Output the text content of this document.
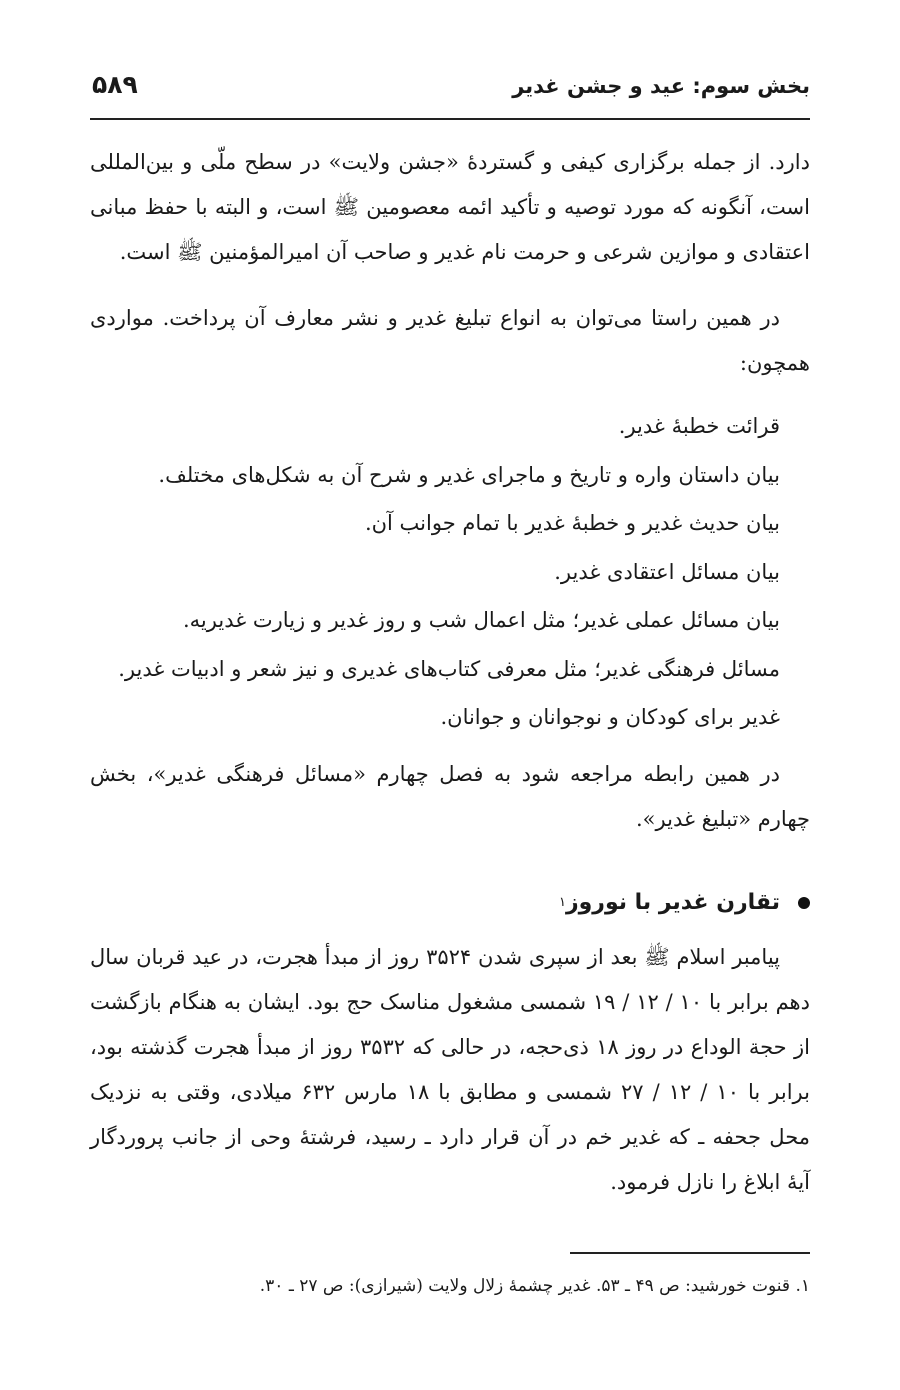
بخش سوم: عید و جشن غدیر
۵۸۹

دارد. از جمله برگزاری کیفی و گستردۀ «جشن ولایت» در سطح ملّی و بین‌المللی است، آنگونه که مورد توصیه و تأکید ائمه معصومین ﷺ است، و البته با حفظ مبانی اعتقادی و موازین شرعی و حرمت نام غدیر و صاحب آن امیرالمؤمنین ﷺ است.

در همین راستا می‌توان به انواع تبلیغ غدیر و نشر معارف آن پرداخت. مواردی همچون:

قرائت خطبۀ غدیر.
بیان داستان واره و تاریخ و ماجرای غدیر و شرح آن به شکل‌های مختلف.
بیان حدیث غدیر و خطبۀ غدیر با تمام جوانب آن.
بیان مسائل اعتقادی غدیر.
بیان مسائل عملی غدیر؛ مثل اعمال شب و روز غدیر و زیارت غدیریه.
مسائل فرهنگی غدیر؛ مثل معرفی کتاب‌های غدیری و نیز شعر و ادبیات غدیر.
غدیر برای کودکان و نوجوانان و جوانان.

در همین رابطه مراجعه شود به فصل چهارم «مسائل فرهنگی غدیر»، بخش چهارم «تبلیغ غدیر».

تقارن غدیر با نوروز
۱

پیامبر اسلام ﷺ بعد از سپری شدن ۳۵۲۴ روز از مبدأ هجرت، در عید قربان سال دهم برابر با ۱۰ / ۱۲ / ۱۹ شمسی مشغول مناسک حج بود. ایشان به هنگام بازگشت از حجة الوداع در روز ۱۸ ذی‌حجه، در حالی که ۳۵۳۲ روز از مبدأ هجرت گذشته بود، برابر با ۱۰ / ۱۲ / ۲۷ شمسی و مطابق با ۱۸ مارس ۶۳۲ میلادی، وقتی به نزدیک محل جحفه ـ که غدیر خم در آن قرار دارد ـ رسید، فرشتۀ وحی از جانب پروردگار آیۀ ابلاغ را نازل فرمود.

۱. قنوت خورشید: ص ۴۹ ـ ۵۳. غدیر چشمۀ زلال ولایت (شیرازی): ص ۲۷ ـ ۳۰.
